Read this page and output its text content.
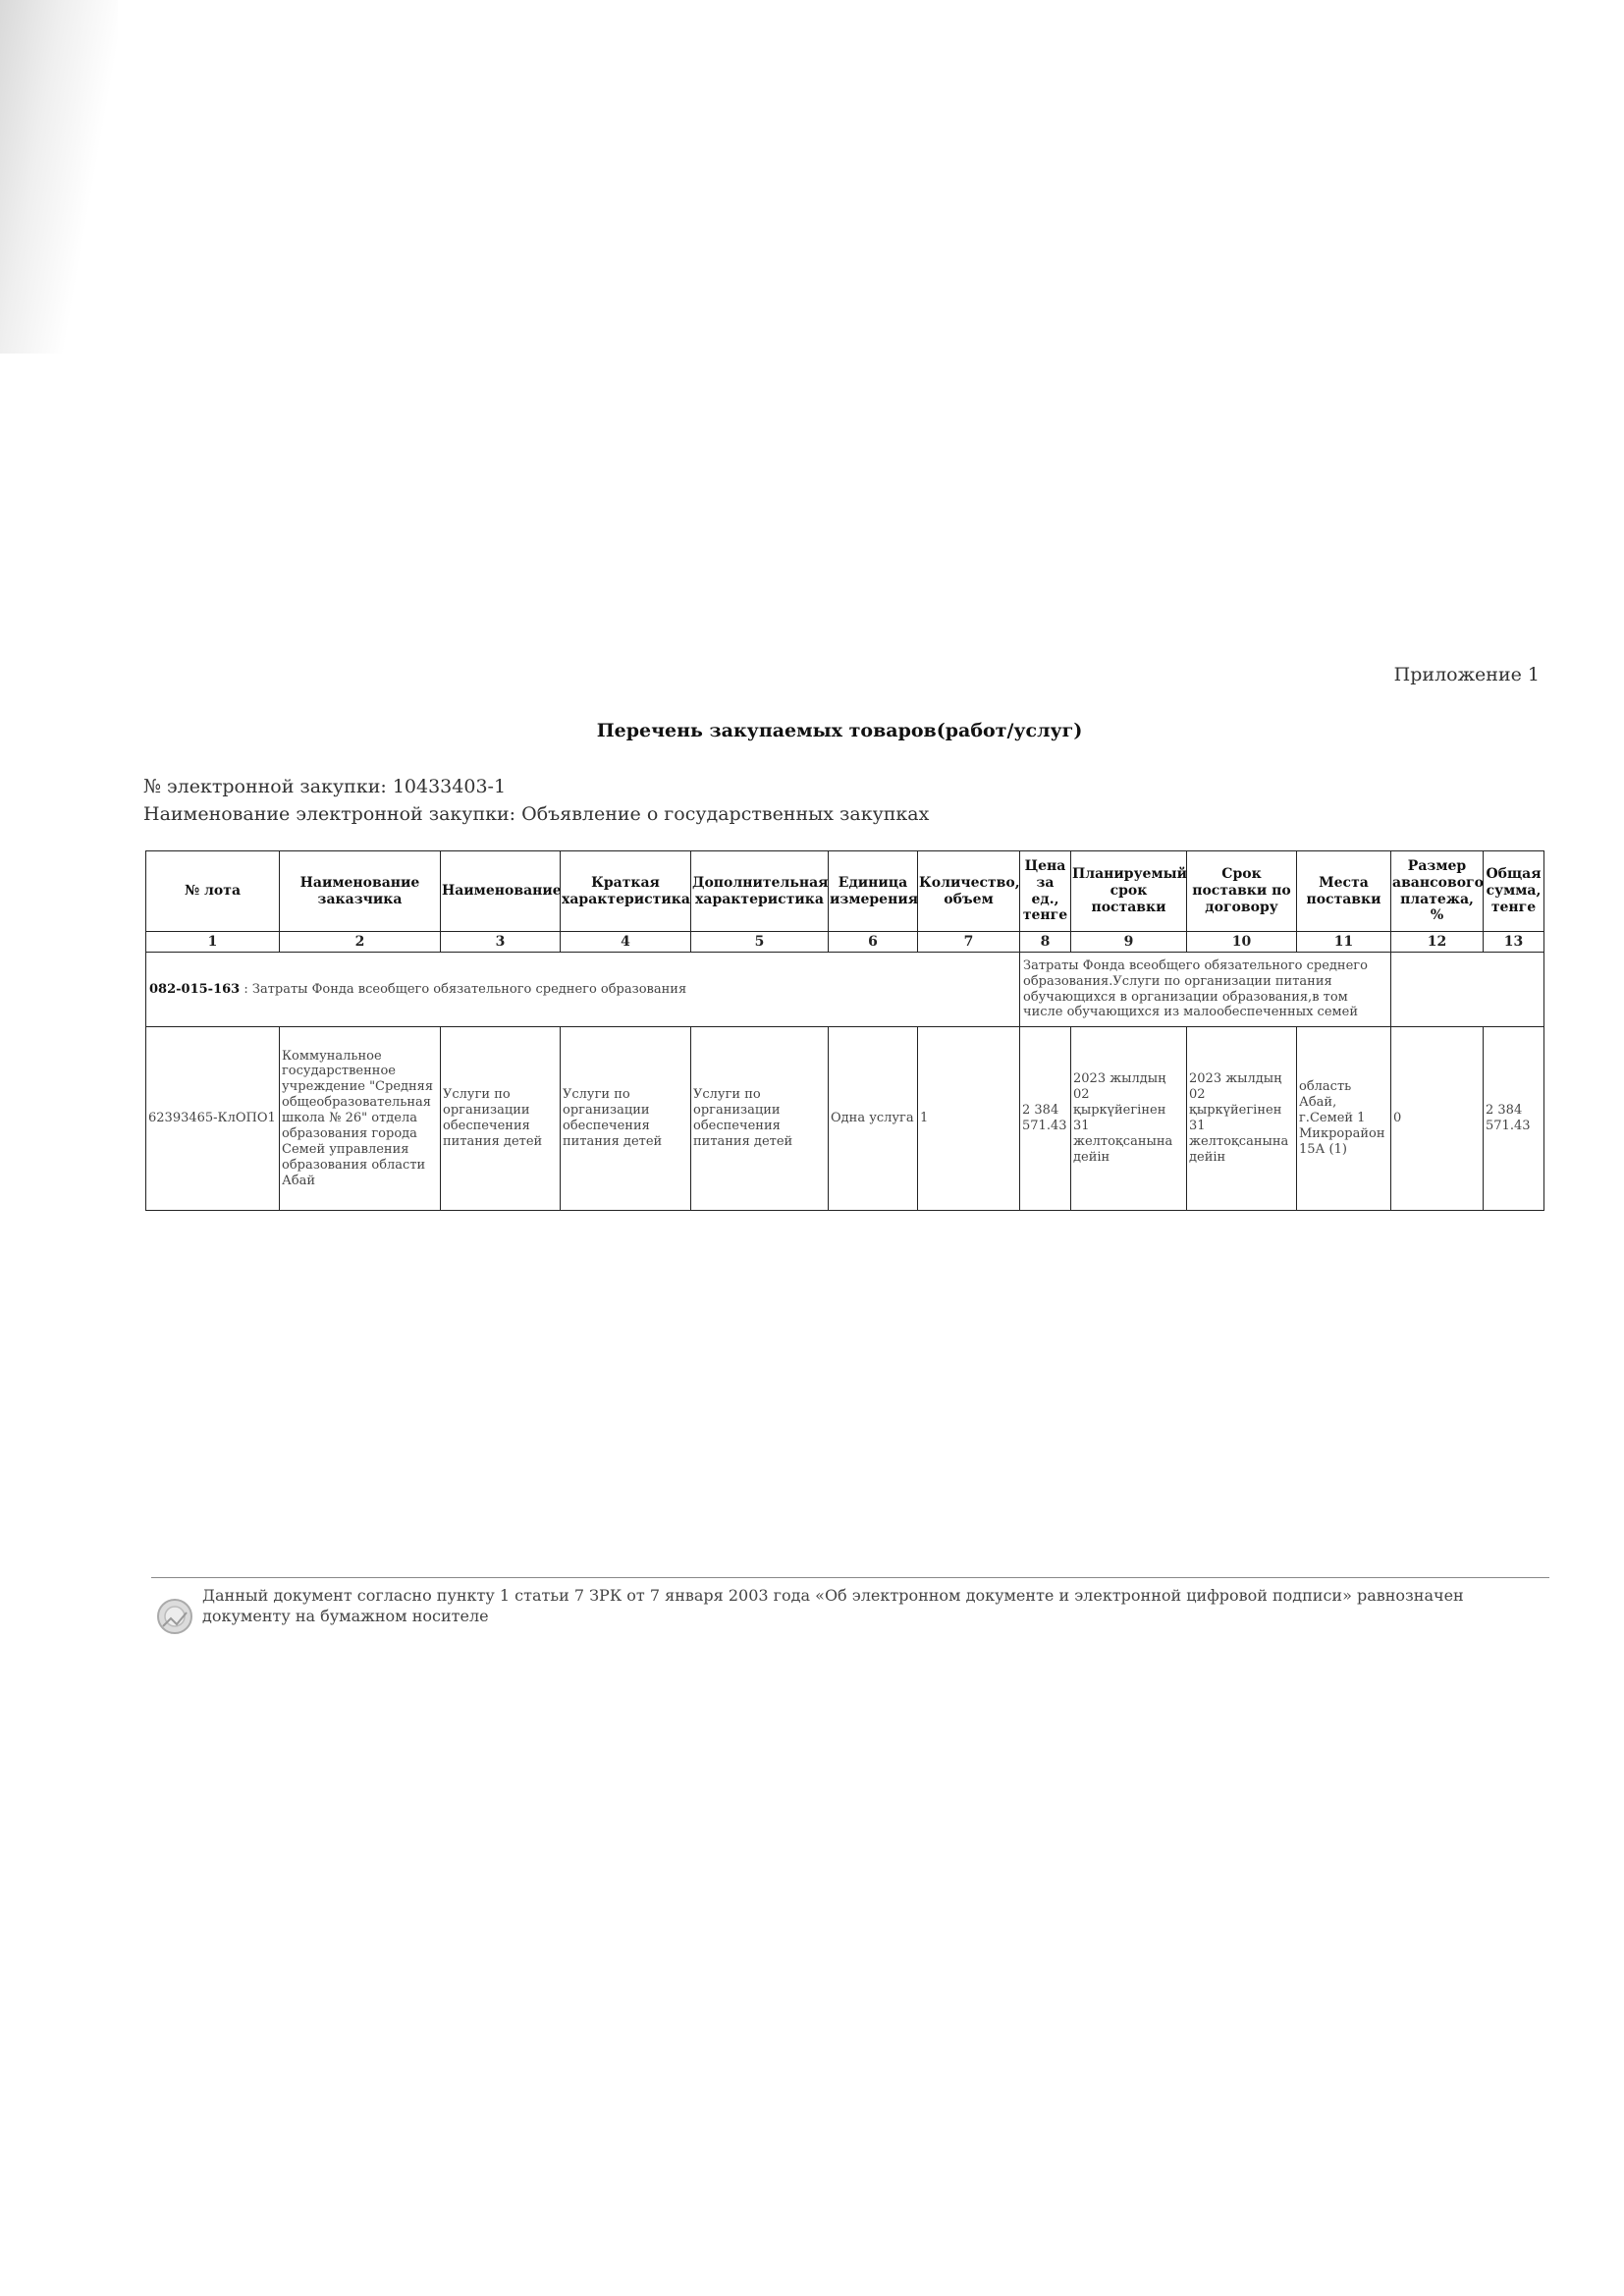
Приложение 1
Перечень закупаемых товаров(работ/услуг)
№ электронной закупки: 10433403-1
Наименование электронной закупки: Объявление о государственных закупках
№ лота	Наименование заказчика	Наименование	Краткая характеристика	Дополнительная характеристика	Единица измерения	Количество, объем	Цена за ед., тенге	Планируемый срок поставки	Срок поставки по договору	Места поставки	Размер авансового платежа, %	Общая сумма, тенге
1	2	3	4	5	6	7	8	9	10	11	12	13
082-015-163 : Затраты Фонда всеобщего обязательного среднего образования							Затраты Фонда всеобщего обязательного среднего образования.Услуги по организации питания обучающихся в организации образования,в том числе обучающихся из малообеспеченных семей					
62393465-КлОПО1	Коммунальное государственное учреждение "Средняя общеобразовательная школа № 26" отдела образования города Семей управления образования области Абай	Услуги по организации обеспечения питания детей	Услуги по организации обеспечения питания детей	Услуги по организации обеспечения питания детей	Одна услуга	1	2 384 571.43	2023 жылдың 02 қыркүйегінен 31 желтоқсанына дейін	2023 жылдың 02 қыркүйегінен 31 желтоқсанына дейін	область Абай, г.Семей 1 Микрорайон 15А (1)	0	2 384 571.43
Данный документ согласно пункту 1 статьи 7 ЗРК от 7 января 2003 года «Об электронном документе и электронной цифровой подписи» равнозначен документу на бумажном носителе
